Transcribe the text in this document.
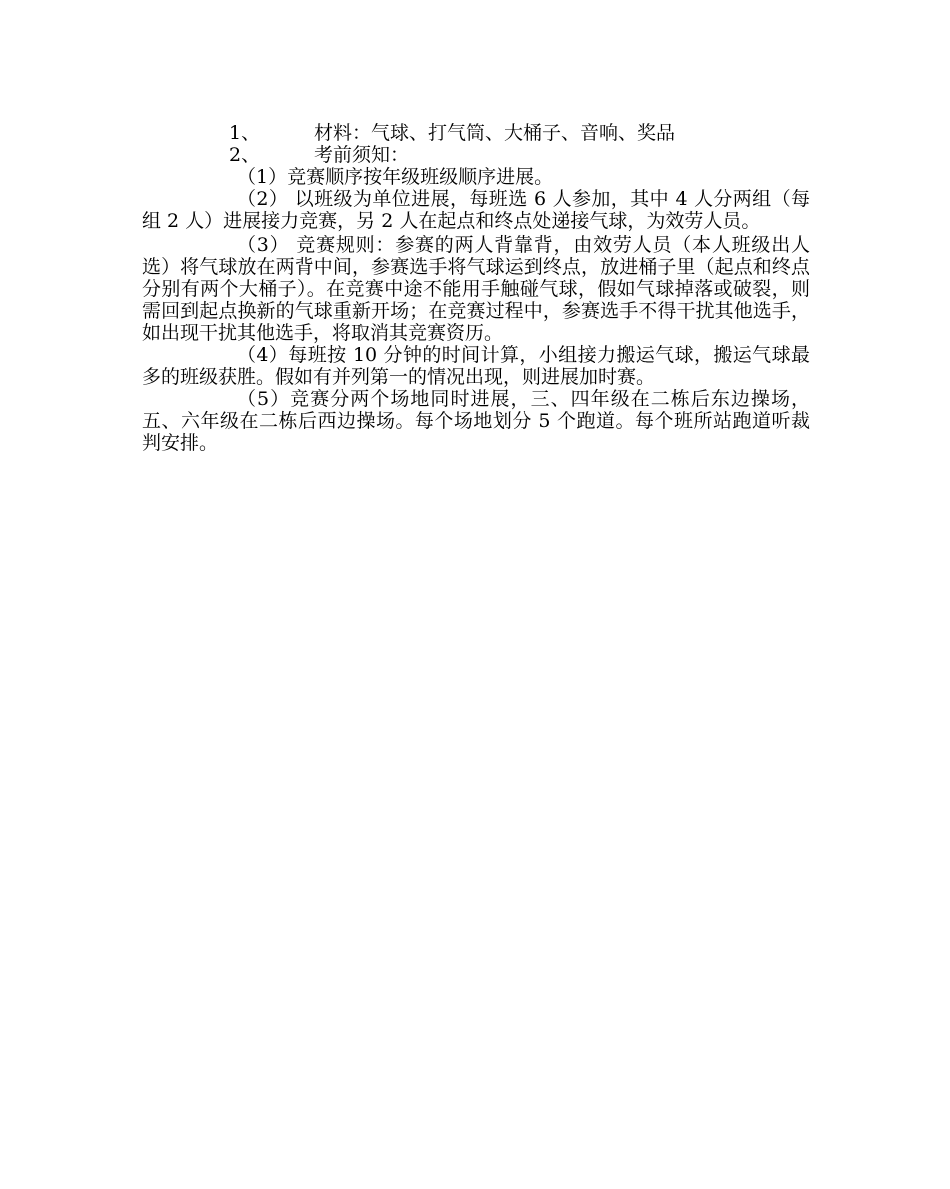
1、	材料：气球、打气筒、大桶子、音响、奖品
2、	考前须知：

（1）竞赛顺序按年级班级顺序进展。

（2） 以班级为单位进展，每班选 6 人参加，其中 4 人分两组（每组 2 人）进展接力竞赛，另 2 人在起点和终点处递接气球，为效劳人员。

（3） 竞赛规则：参赛的两人背靠背，由效劳人员（本人班级出人选）将气球放在两背中间，参赛选手将气球运到终点，放进桶子里（起点和终点分别有两个大桶子）。在竞赛中途不能用手触碰气球，假如气球掉落或破裂，则需回到起点换新的气球重新开场；在竞赛过程中，参赛选手不得干扰其他选手，如出现干扰其他选手，将取消其竞赛资历。

（4）每班按 10 分钟的时间计算，小组接力搬运气球，搬运气球最多的班级获胜。假如有并列第一的情况出现，则进展加时赛。

（5）竞赛分两个场地同时进展，三、四年级在二栋后东边操场，五、六年级在二栋后西边操场。每个场地划分 5 个跑道。每个班所站跑道听裁判安排。
